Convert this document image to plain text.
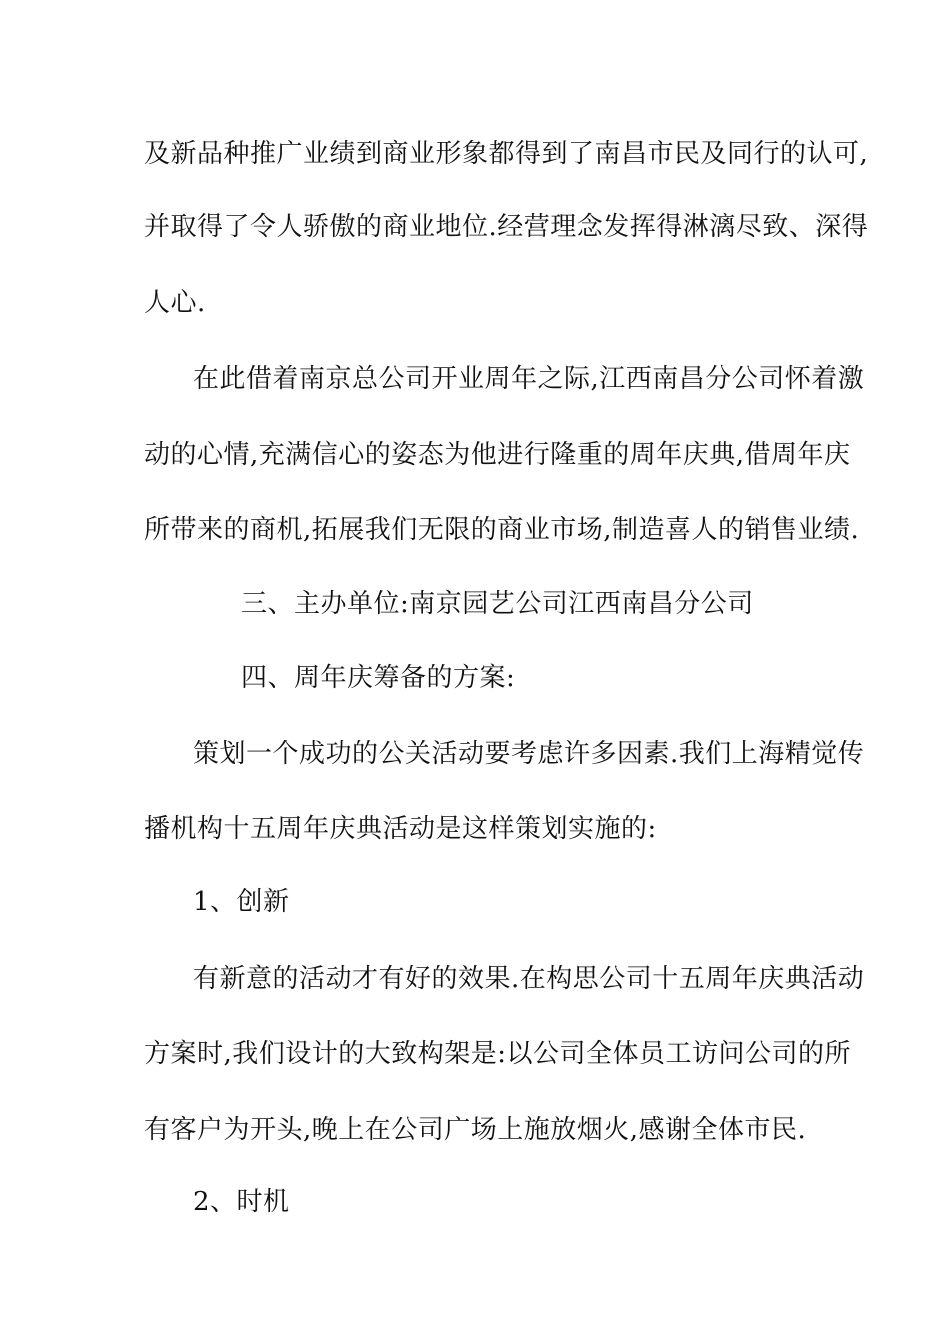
及新品种推广业绩到商业形象都得到了南昌市民及同行的认可,
并取得了令人骄傲的商业地位.经营理念发挥得淋漓尽致、深得
人心.
在此借着南京总公司开业周年之际,江西南昌分公司怀着激
动的心情,充满信心的姿态为他进行隆重的周年庆典,借周年庆
所带来的商机,拓展我们无限的商业市场,制造喜人的销售业绩.
三、主办单位:南京园艺公司江西南昌分公司
四、周年庆筹备的方案:
策划一个成功的公关活动要考虑许多因素.我们上海精觉传
播机构十五周年庆典活动是这样策划实施的:
1、创新
有新意的活动才有好的效果.在构思公司十五周年庆典活动
方案时,我们设计的大致构架是:以公司全体员工访问公司的所
有客户为开头,晚上在公司广场上施放烟火,感谢全体市民.
2、时机
